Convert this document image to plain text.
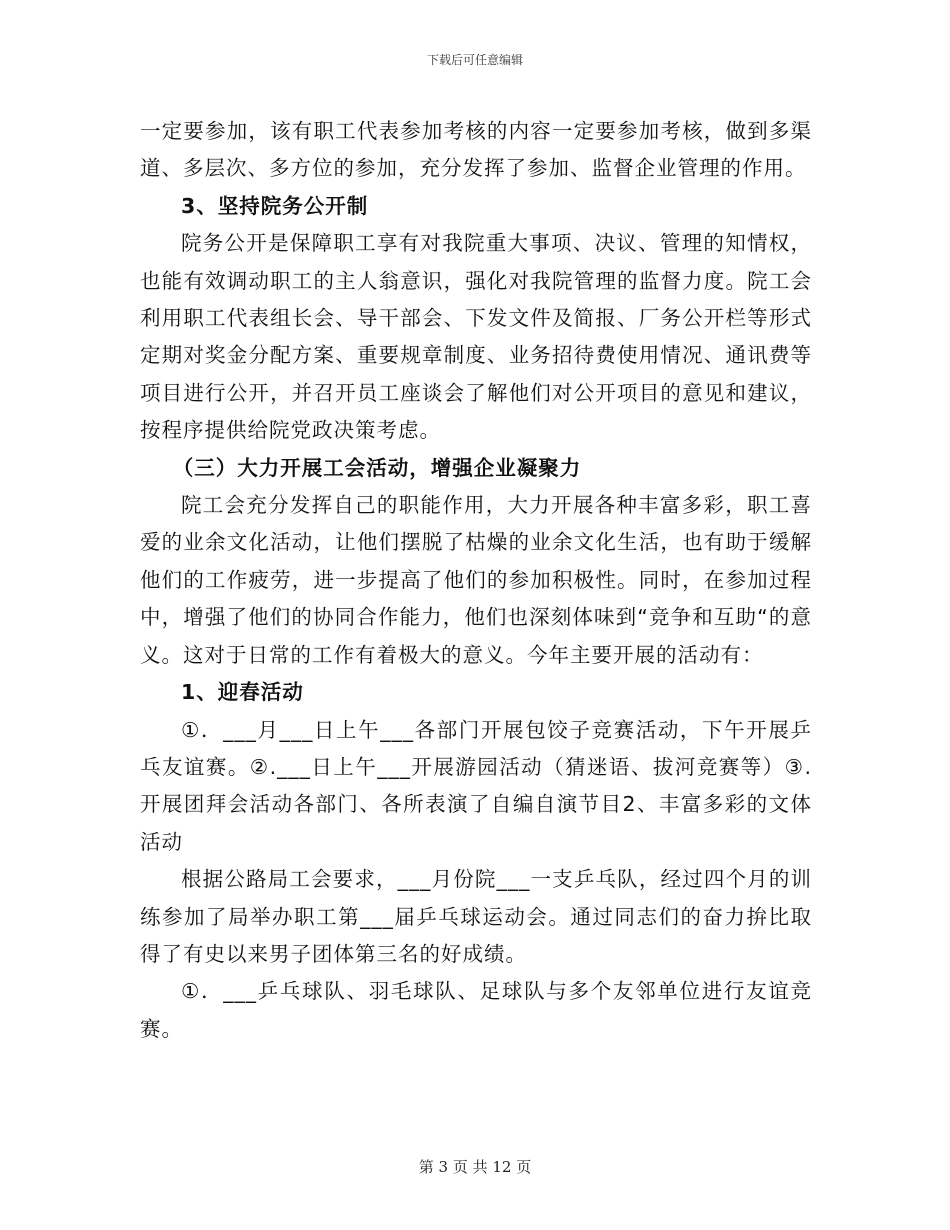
下载后可任意编辑

一定要参加，该有职工代表参加考核的内容一定要参加考核，做到多渠道、多层次、多方位的参加，充分发挥了参加、监督企业管理的作用。

3、坚持院务公开制

院务公开是保障职工享有对我院重大事项、决议、管理的知情权，也能有效调动职工的主人翁意识，强化对我院管理的监督力度。院工会利用职工代表组长会、导干部会、下发文件及简报、厂务公开栏等形式定期对奖金分配方案、重要规章制度、业务招待费使用情况、通讯费等项目进行公开，并召开员工座谈会了解他们对公开项目的意见和建议，按程序提供给院党政决策考虑。

（三）大力开展工会活动，增强企业凝聚力

院工会充分发挥自己的职能作用，大力开展各种丰富多彩，职工喜爱的业余文化活动，让他们摆脱了枯燥的业余文化生活，也有助于缓解他们的工作疲劳，进一步提高了他们的参加积极性。同时，在参加过程中，增强了他们的协同合作能力，他们也深刻体味到“竞争和互助“的意义。这对于日常的工作有着极大的意义。今年主要开展的活动有：

1、迎春活动

①．___月___日上午___各部门开展包饺子竞赛活动，下午开展乒乓友谊赛。②.___日上午___开展游园活动（猜迷语、拔河竞赛等）③.开展团拜会活动各部门、各所表演了自编自演节目2、丰富多彩的文体活动

根据公路局工会要求，___月份院___一支乒乓队，经过四个月的训练参加了局举办职工第___届乒乓球运动会。通过同志们的奋力拚比取得了有史以来男子团体第三名的好成绩。

①．___乒乓球队、羽毛球队、足球队与多个友邻单位进行友谊竞赛。

第 3 页 共 12 页
